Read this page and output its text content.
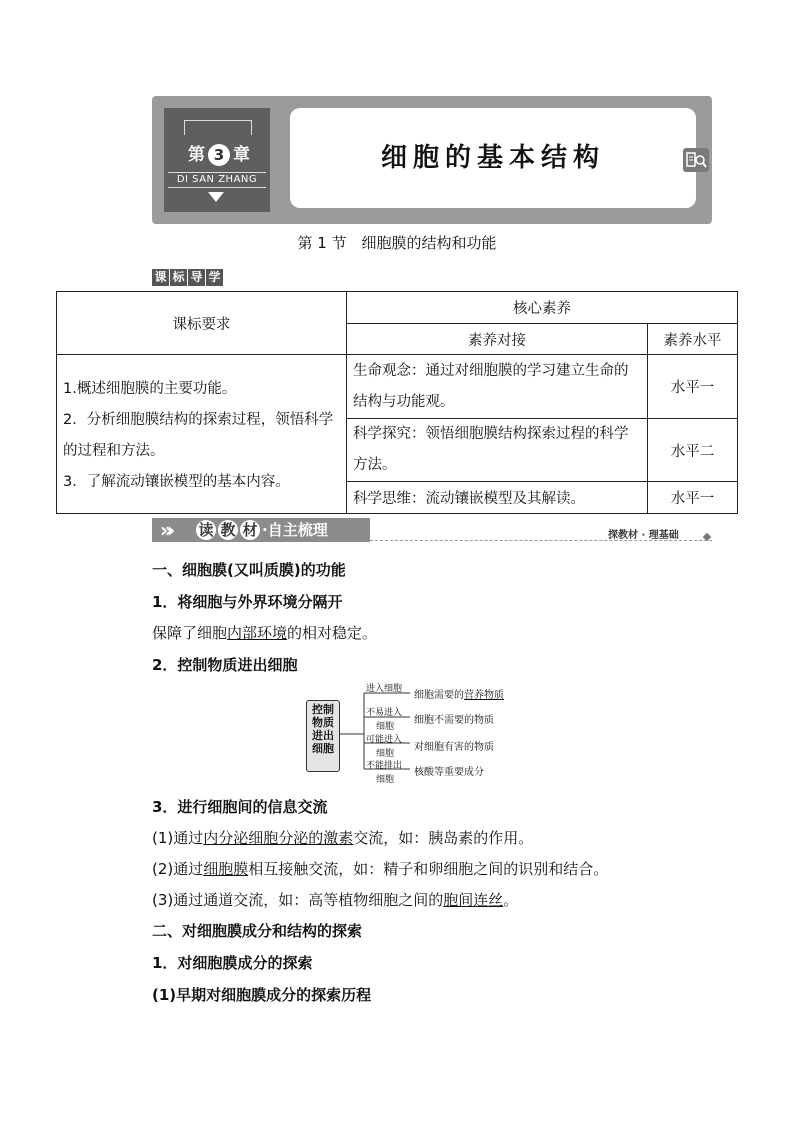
第 3 章
DI SAN ZHANG
细胞的基本结构
第 1 节　细胞膜的结构和功能
课 标 导 学
课标要求	核心素养	
	素养对接	素养水平

1.概述细胞膜的主要功能。
2．分析细胞膜结构的探索过程，领悟科学的过程和方法。
3．了解流动镶嵌模型的基本内容。	生命观念：通过对细胞膜的学习建立生命的结构与功能观。	水平一
	科学探究：领悟细胞膜结构探索过程的科学方法。	水平二
	科学思维：流动镶嵌模型及其解读。	水平一
»› 读 教 材 ·自主梳理	探教材 · 理基础
一、细胞膜(又叫质膜)的功能
1．将细胞与外界环境分隔开
保障了细胞内部环境的相对稳定。
2．控制物质进出细胞
控制
物质
进出
细胞
进入细胞
细胞需要的营养物质
不易进入
细胞
细胞不需要的物质
可能进入
细胞
对细胞有害的物质
不能排出
细胞
核酸等重要成分
3．进行细胞间的信息交流
(1)通过内分泌细胞分泌的激素交流，如：胰岛素的作用。
(2)通过细胞膜相互接触交流，如：精子和卵细胞之间的识别和结合。
(3)通过通道交流，如：高等植物细胞之间的胞间连丝。
二、对细胞膜成分和结构的探索
1．对细胞膜成分的探索
(1)早期对细胞膜成分的探索历程
